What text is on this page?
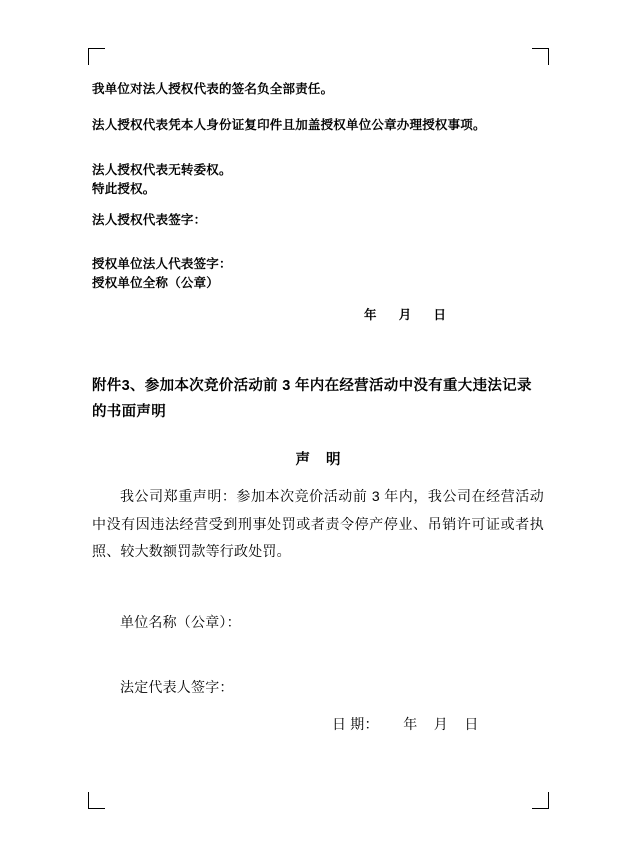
我单位对法人授权代表的签名负全部责任。

法人授权代表凭本人身份证复印件且加盖授权单位公章办理授权事项。

法人授权代表无转委权。

特此授权。

法人授权代表签字：

授权单位法人代表签字：

授权单位全称（公章）

年      月      日

附件3、参加本次竞价活动前 3 年内在经营活动中没有重大违法记录的书面声明

声 明

我公司郑重声明：参加本次竞价活动前 3 年内，我公司在经营活动中没有因违法经营受到刑事处罚或者责令停产停业、吊销许可证或者执照、较大数额罚款等行政处罚。

单位名称（公章）：

法定代表人签字：

日 期：      年    月    日
